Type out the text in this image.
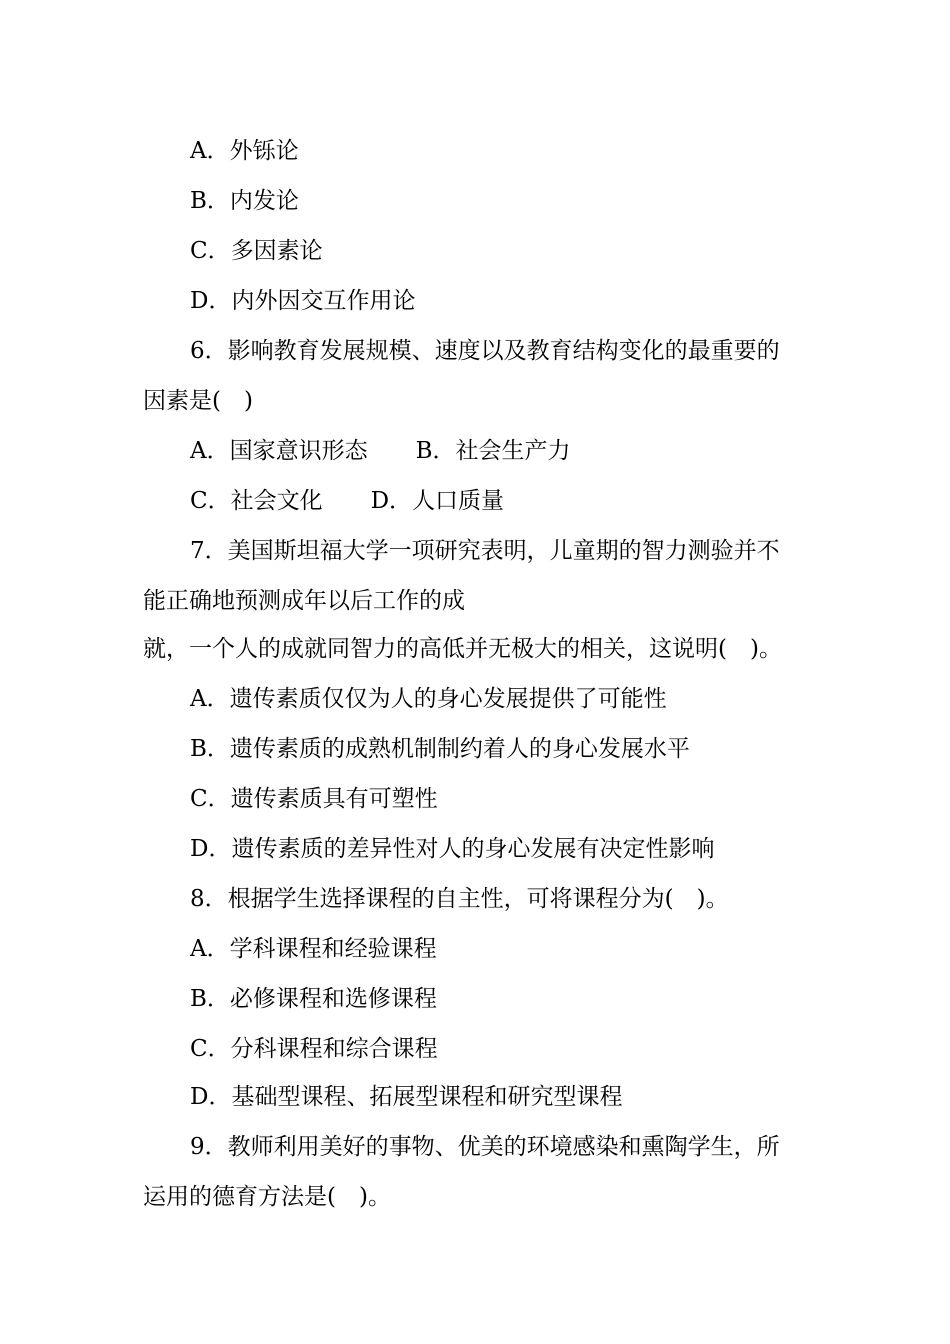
A．外铄论
B．内发论
C．多因素论
D．内外因交互作用论
6．影响教育发展规模、速度以及教育结构变化的最重要的
因素是(　)
A．国家意识形态 B．社会生产力
C．社会文化 D．人口质量
7．美国斯坦福大学一项研究表明，儿童期的智力测验并不
能正确地预测成年以后工作的成
就，一个人的成就同智力的高低并无极大的相关，这说明(　)。
A．遗传素质仅仅为人的身心发展提供了可能性
B．遗传素质的成熟机制制约着人的身心发展水平
C．遗传素质具有可塑性
D．遗传素质的差异性对人的身心发展有决定性影响
8．根据学生选择课程的自主性，可将课程分为(　)。
A．学科课程和经验课程
B．必修课程和选修课程
C．分科课程和综合课程
D．基础型课程、拓展型课程和研究型课程
9．教师利用美好的事物、优美的环境感染和熏陶学生，所
运用的德育方法是(　)。
